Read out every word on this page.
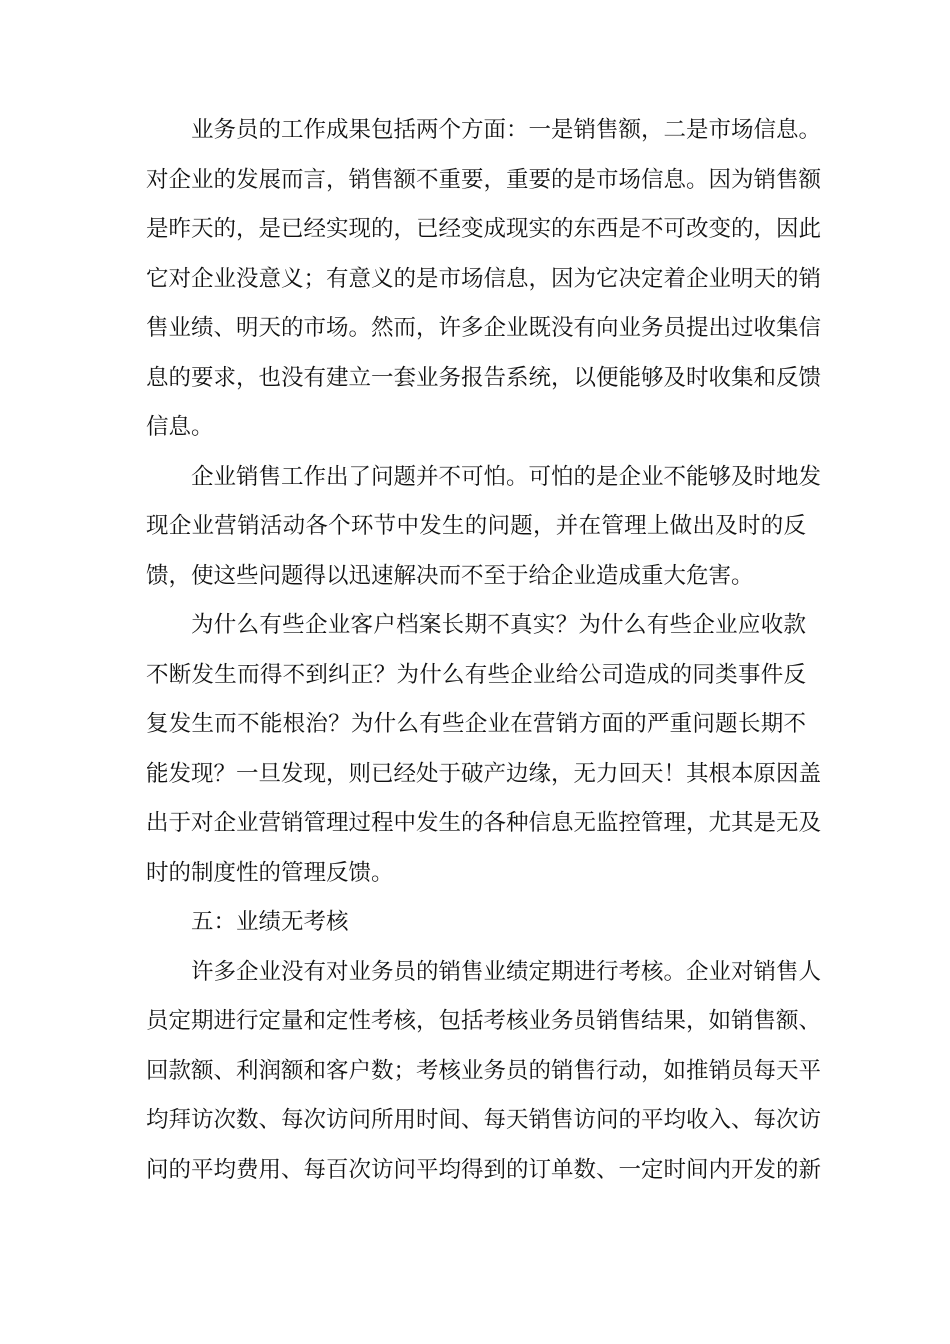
业务员的工作成果包括两个方面：一是销售额，二是市场信息。
对企业的发展而言，销售额不重要，重要的是市场信息。因为销售额
是昨天的，是已经实现的，已经变成现实的东西是不可改变的，因此
它对企业没意义；有意义的是市场信息，因为它决定着企业明天的销
售业绩、明天的市场。然而，许多企业既没有向业务员提出过收集信
息的要求，也没有建立一套业务报告系统，以便能够及时收集和反馈
信息。
企业销售工作出了问题并不可怕。可怕的是企业不能够及时地发
现企业营销活动各个环节中发生的问题，并在管理上做出及时的反
馈，使这些问题得以迅速解决而不至于给企业造成重大危害。
为什么有些企业客户档案长期不真实？为什么有些企业应收款
不断发生而得不到纠正？为什么有些企业给公司造成的同类事件反
复发生而不能根治？为什么有些企业在营销方面的严重问题长期不
能发现？一旦发现，则已经处于破产边缘，无力回天！其根本原因盖
出于对企业营销管理过程中发生的各种信息无监控管理，尤其是无及
时的制度性的管理反馈。
五：业绩无考核
许多企业没有对业务员的销售业绩定期进行考核。企业对销售人
员定期进行定量和定性考核，包括考核业务员销售结果，如销售额、
回款额、利润额和客户数；考核业务员的销售行动，如推销员每天平
均拜访次数、每次访问所用时间、每天销售访问的平均收入、每次访
问的平均费用、每百次访问平均得到的订单数、一定时间内开发的新
